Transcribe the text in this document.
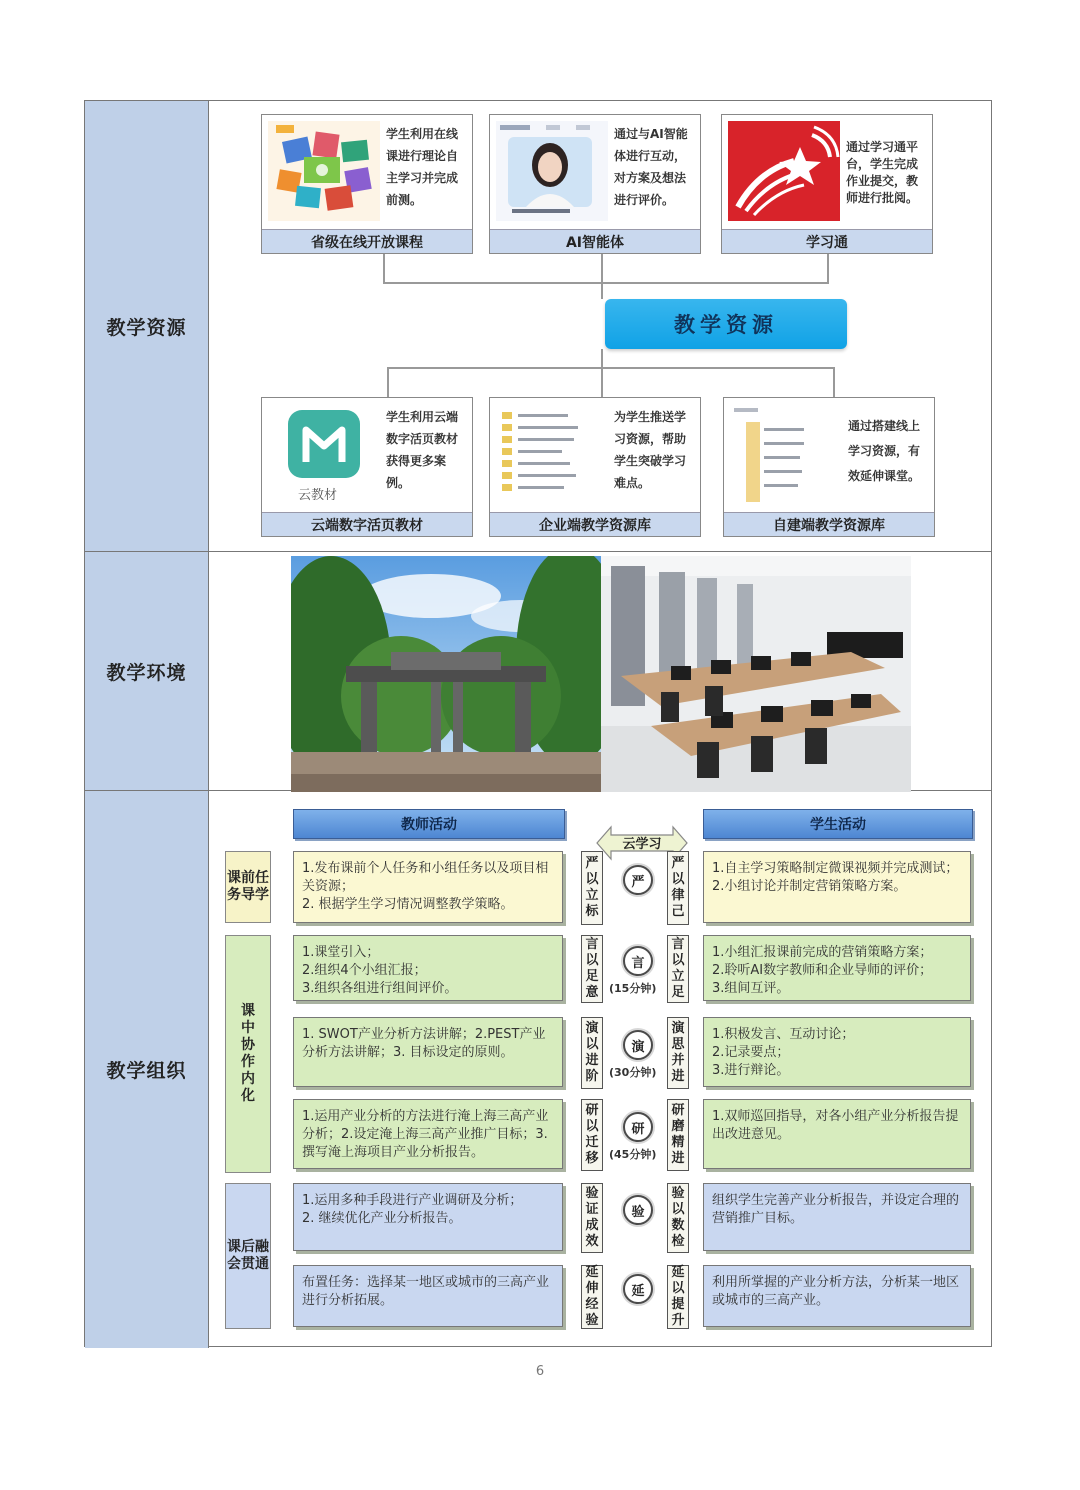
教学资源
学生利用在线课进行理论自主学习并完成前测。
省级在线开放课程
通过与AI智能体进行互动，对方案及想法进行评价。
AI智能体
通过学习通平台，学生完成作业提交，教师进行批阅。
学习通
教学资源
云教材
学生利用云端数字活页教材获得更多案例。
云端数字活页教材
为学生推送学习资源，帮助学生突破学习难点。
企业端教学资源库
通过搭建线上学习资源，有效延伸课堂。
自建端教学资源库
教学环境
教学组织
教师活动	学生活动
云学习
课前任务导学
课中协作内化
课后融会贯通
1.发布课前个人任务和小组任务以及项目相关资源；
2. 根据学生学习情况调整教学策略。
严以立标
严
严以律己
1.自主学习策略制定微课视频并完成测试；
2.小组讨论并制定营销策略方案。
1.课堂引入；
2.组织4个小组汇报；
3.组织各组进行组间评价。
言以足意
言
(15分钟)
言以立足
1.小组汇报课前完成的营销策略方案；
2.聆听AI数字教师和企业导师的评价；
3.组间互评。
1. SWOT产业分析方法讲解；2.PEST产业分析方法讲解；3. 目标设定的原则。
演以进阶
演
(30分钟)
演思并进
1.积极发言、互动讨论；
2.记录要点；
3.进行辩论。
1.运用产业分析的方法进行淹上海三高产业分析；2.设定淹上海三高产业推广目标；3.撰写淹上海项目产业分析报告。
研以迁移
研
(45分钟)
研磨精进
1.双师巡回指导，对各小组产业分析报告提出改进意见。
1.运用多种手段进行产业调研及分析；
2. 继续优化产业分析报告。
验证成效
验
验以数检
组织学生完善产业分析报告，并设定合理的营销推广目标。
布置任务：选择某一地区或城市的三高产业进行分析拓展。
延伸经验
延
延以提升
利用所掌握的产业分析方法，分析某一地区或城市的三高产业。
6
